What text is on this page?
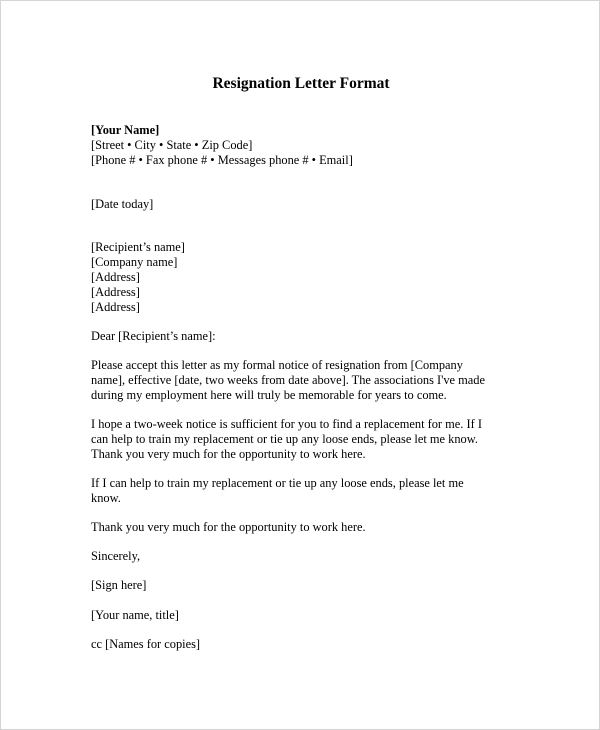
Resignation Letter Format
[Your Name]
[Street • City • State • Zip Code]
[Phone # • Fax phone # • Messages phone # • Email]
[Date today]
[Recipient’s name]
[Company name]
[Address]
[Address]
[Address]
Dear [Recipient’s name]:
Please accept this letter as my formal notice of resignation from [Company
name], effective [date, two weeks from date above]. The associations I've made
during my employment here will truly be memorable for years to come.
I hope a two-week notice is sufficient for you to find a replacement for me. If I
can help to train my replacement or tie up any loose ends, please let me know.
Thank you very much for the opportunity to work here.
If I can help to train my replacement or tie up any loose ends, please let me
know.
Thank you very much for the opportunity to work here.
Sincerely,
[Sign here]
[Your name, title]
cc [Names for copies]
